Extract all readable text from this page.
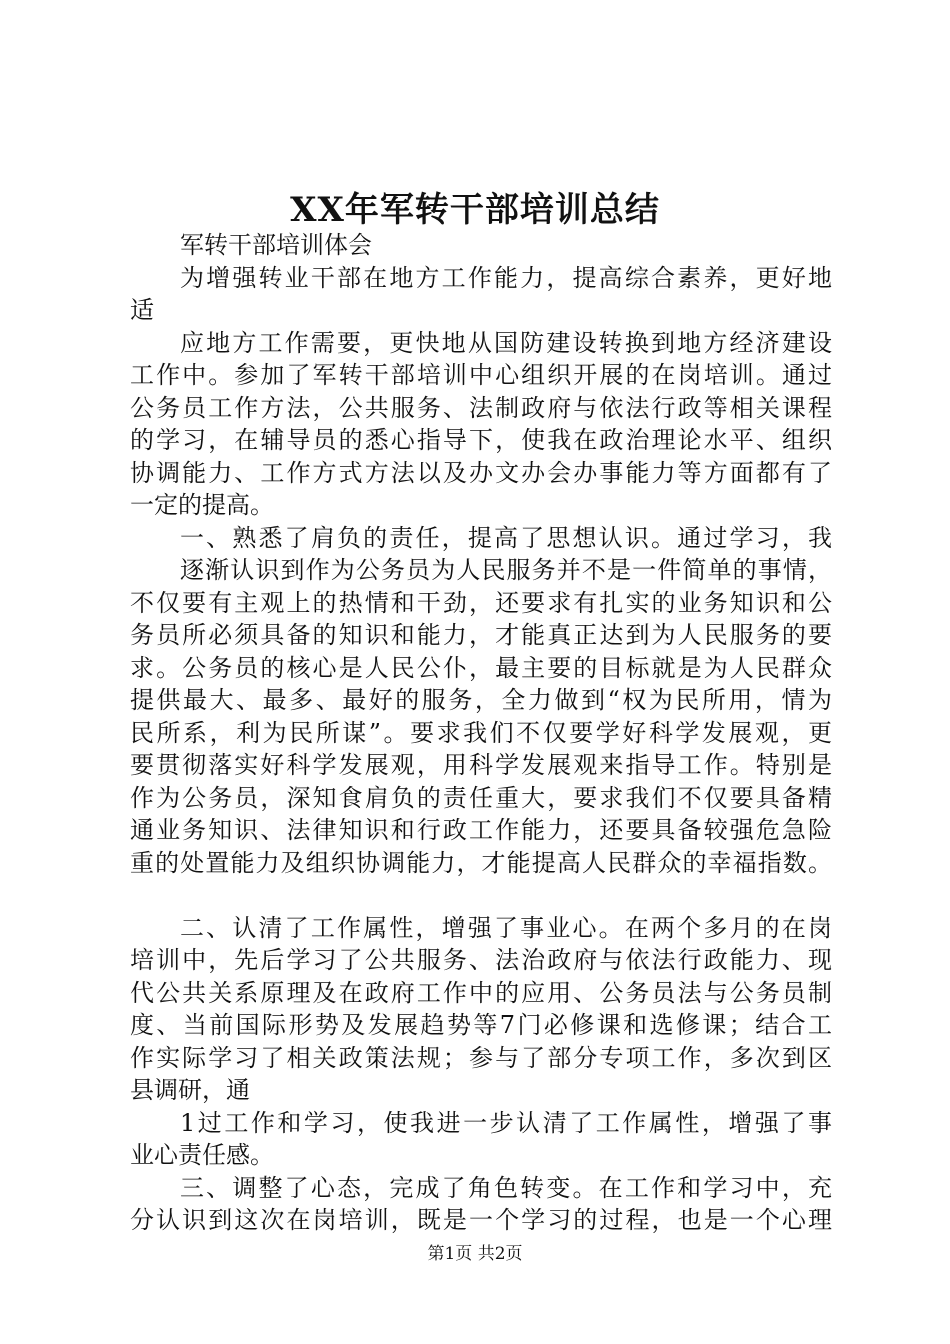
XX年军转干部培训总结
军转干部培训体会
为增强转业干部在地方工作能力，提高综合素养，更好地
适
应地方工作需要，更快地从国防建设转换到地方经济建设
工作中。参加了军转干部培训中心组织开展的在岗培训。通过
公务员工作方法，公共服务、法制政府与依法行政等相关课程
的学习，在辅导员的悉心指导下，使我在政治理论水平、组织
协调能力、工作方式方法以及办文办会办事能力等方面都有了
一定的提高。
一、熟悉了肩负的责任，提高了思想认识。通过学习，我
逐渐认识到作为公务员为人民服务并不是一件简单的事情，
不仅要有主观上的热情和干劲，还要求有扎实的业务知识和公
务员所必须具备的知识和能力，才能真正达到为人民服务的要
求。公务员的核心是人民公仆，最主要的目标就是为人民群众
提供最大、最多、最好的服务，全力做到“权为民所用，情为
民所系，利为民所谋”。要求我们不仅要学好科学发展观，更
要贯彻落实好科学发展观，用科学发展观来指导工作。特别是
作为公务员，深知食肩负的责任重大，要求我们不仅要具备精
通业务知识、法律知识和行政工作能力，还要具备较强危急险
重的处置能力及组织协调能力，才能提高人民群众的幸福指数。
二、认清了工作属性，增强了事业心。在两个多月的在岗
培训中，先后学习了公共服务、法治政府与依法行政能力、现
代公共关系原理及在政府工作中的应用、公务员法与公务员制
度、当前国际形势及发展趋势等7门必修课和选修课；结合工
作实际学习了相关政策法规；参与了部分专项工作，多次到区
县调研，通
1过工作和学习，使我进一步认清了工作属性，增强了事
业心责任感。
三、调整了心态，完成了角色转变。在工作和学习中，充
分认识到这次在岗培训，既是一个学习的过程，也是一个心理
第1页 共2页
